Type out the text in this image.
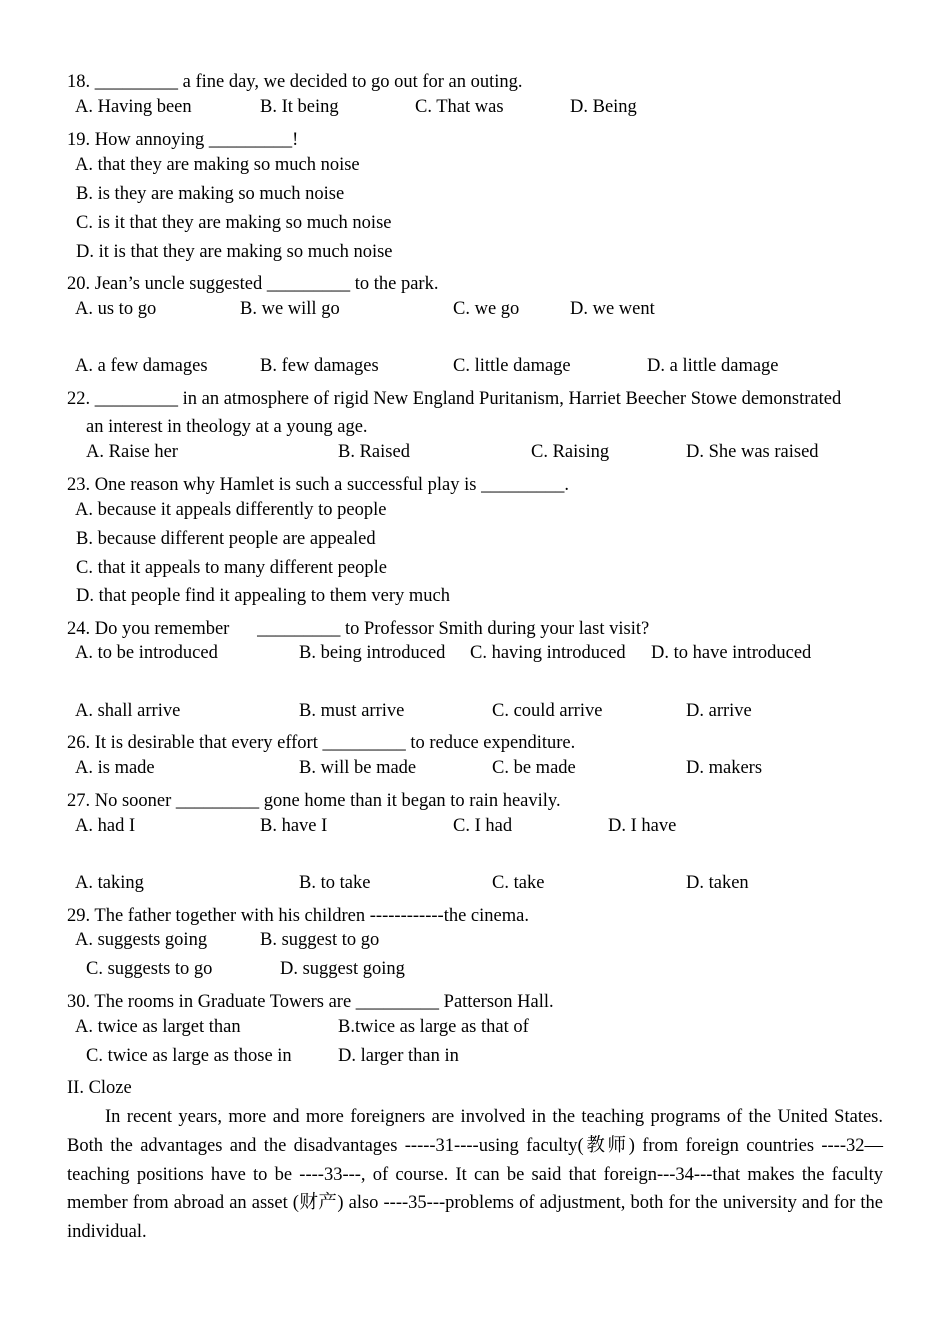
18. _________ a fine day, we decided to go out for an outing.
A. Having been	B. It being	C. That was	D. Being
19. How annoying _________!
A. that they are making so much noise
B. is they are making so much noise
C. is it that they are making so much noise
D. it is that they are making so much noise
20. Jean’s uncle suggested _________ to the park.
A. us to go	B. we will go	C. we go	D. we went
A. a few damages	B. few damages	C. little damage	D. a little damage
22. _________ in an atmosphere of rigid New England Puritanism, Harriet Beecher Stowe demonstrated
an interest in theology at a young age.
A. Raise her	B. Raised	C. Raising	D. She was raised
23. One reason why Hamlet is such a successful play is _________.
A. because it appeals differently to people
B. because different people are appealed
C. that it appeals to many different people
D. that people find it appealing to them very much
24. Do you remember      _________ to Professor Smith during your last visit?
A. to be introduced	B. being introduced C. having introduced D. to have introduced
A. shall arrive	B. must arrive	C. could arrive	D. arrive
26. It is desirable that every effort _________ to reduce expenditure.
A. is made	B. will be made	C. be made	D. makers
27. No sooner _________ gone home than it began to rain heavily.
A. had I	B. have I	C. I had	D. I have
A. taking	B. to take	C. take	D. taken
29. The father together with his children ------------the cinema.
A. suggests going	B. suggest to go
C. suggests to go	D. suggest going
30. The rooms in Graduate Towers are _________ Patterson Hall.
A. twice as larget than	B.twice as large as that of
C. twice as large as those in	D. larger than in
II. Cloze
In recent years, more and more foreigners are involved in the teaching programs of the United States. Both the advantages and the disadvantages -----31----using faculty(教师) from foreign countries ----32—teaching positions have to be ----33---, of course. It can be said that foreign---34---that makes the faculty member from abroad an asset (财产) also ----35---problems of adjustment, both for the university and for the individual.
